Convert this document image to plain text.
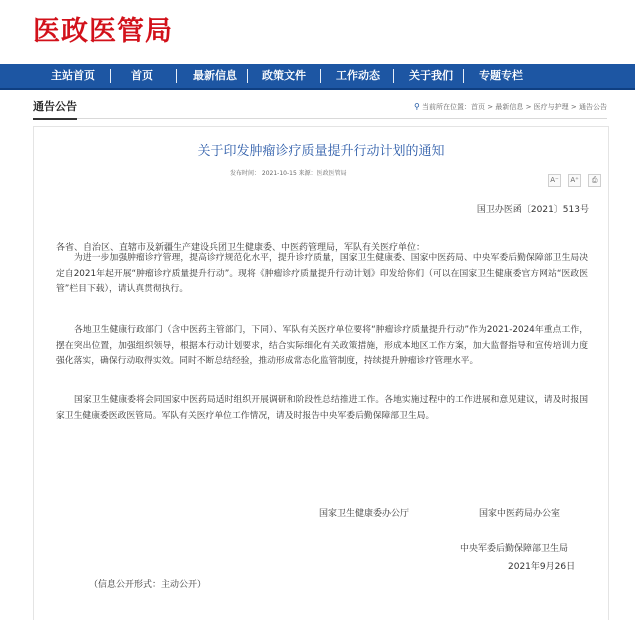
医政医管局
主站首页	首页	最新信息 政策文件	工作动态	关于我们 专题专栏
通告公告	⚲ 当前所在位置：首页 > 最新信息 > 医疗与护理 > 通告公告
关于印发肿瘤诊疗质量提升行动计划的通知
发布时间： 2021-10-15 来源：医政医管局
A⁻ A⁺ ⎙
国卫办医函〔2021〕513号
各省、自治区、直辖市及新疆生产建设兵团卫生健康委、中医药管理局，军队有关医疗单位：

为进一步加强肿瘤诊疗管理，提高诊疗规范化水平，提升诊疗质量，国家卫生健康委、国家中医药局、中央军委后勤保障部卫生局决定自2021年起开展“肿瘤诊疗质量提升行动”。现将《肿瘤诊疗质量提升行动计划》印发给你们（可以在国家卫生健康委官方网站“医政医管”栏目下载），请认真贯彻执行。

各地卫生健康行政部门（含中医药主管部门，下同）、军队有关医疗单位要将“肿瘤诊疗质量提升行动”作为2021-2024年重点工作，摆在突出位置，加强组织领导，根据本行动计划要求，结合实际细化有关政策措施，形成本地区工作方案，加大监督指导和宣传培训力度强化落实，确保行动取得实效。同时不断总结经验，推动形成常态化监管制度，持续提升肿瘤诊疗管理水平。

国家卫生健康委将会同国家中医药局适时组织开展调研和阶段性总结推进工作。各地实施过程中的工作进展和意见建议，请及时报国家卫生健康委医政医管局。军队有关医疗单位工作情况，请及时报告中央军委后勤保障部卫生局。

国家卫生健康委办公厅	国家中医药局办公室
中央军委后勤保障部卫生局
2021年9月26日
（信息公开形式：主动公开）
